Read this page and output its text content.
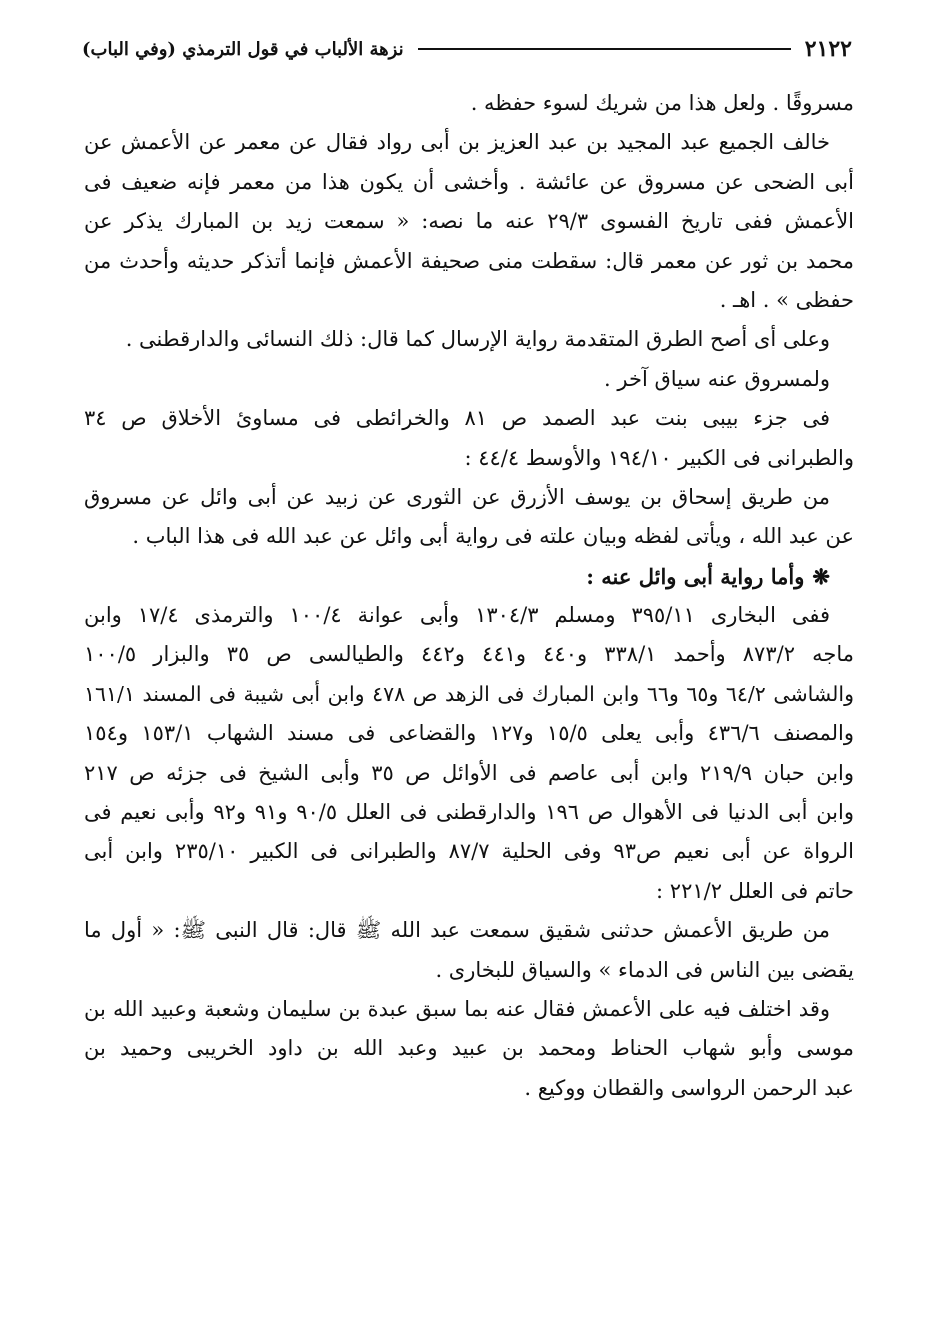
٢١٢٢
نزهة الألباب في قول الترمذي (وفي الباب)
مسروقًا . ولعل هذا من شريك لسوء حفظه .
خالف الجميع عبد المجيد بن عبد العزيز بن أبى رواد فقال عن معمر عن الأعمش عن
أبى الضحى عن مسروق عن عائشة . وأخشى أن يكون هذا من معمر فإنه ضعيف فى
الأعمش ففى تاريخ الفسوى ٢٩/٣ عنه ما نصه: « سمعت زيد بن المبارك يذكر عن
محمد بن ثور عن معمر قال: سقطت منى صحيفة الأعمش فإنما أتذكر حديثه وأحدث من
حفظى » . اهـ .
وعلى أى أصح الطرق المتقدمة رواية الإرسال كما قال: ذلك النسائى والدارقطنى .
ولمسروق عنه سياق آخر .
فى جزء بيبى بنت عبد الصمد ص ٨١ والخرائطى فى مساوئ الأخلاق ص ٣٤
والطبرانى فى الكبير ١٩٤/١٠ والأوسط ٤٤/٤ :
من طريق إسحاق بن يوسف الأزرق عن الثورى عن زبيد عن أبى وائل عن مسروق
عن عبد الله ، ويأتى لفظه وبيان علته فى رواية أبى وائل عن عبد الله فى هذا الباب .
❋وأما رواية أبى وائل عنه :
ففى البخارى ٣٩٥/١١ ومسلم ١٣٠٤/٣ وأبى عوانة ١٠٠/٤ والترمذى ١٧/٤ وابن
ماجه ٨٧٣/٢ وأحمد ٣٣٨/١ و٤٤٠ و٤٤١ و٤٤٢ والطيالسى ص ٣٥ والبزار ١٠٠/٥
والشاشى ٦٤/٢ و٦٥ و٦٦ وابن المبارك فى الزهد ص ٤٧٨ وابن أبى شيبة فى المسند ١٦١/١
والمصنف ٤٣٦/٦ وأبى يعلى ١٥/٥ و١٢٧ والقضاعى فى مسند الشهاب ١٥٣/١ و١٥٤
وابن حبان ٢١٩/٩ وابن أبى عاصم فى الأوائل ص ٣٥ وأبى الشيخ فى جزئه ص ٢١٧
وابن أبى الدنيا فى الأهوال ص ١٩٦ والدارقطنى فى العلل ٩٠/٥ و٩١ و٩٢ وأبى نعيم فى
الرواة عن أبى نعيم ص٩٣ وفى الحلية ٨٧/٧ والطبرانى فى الكبير ٢٣٥/١٠ وابن أبى
حاتم فى العلل ٢٢١/٢ :
من طريق الأعمش حدثنى شقيق سمعت عبد الله ﷺ قال: قال النبى ﷺ: « أول ما
يقضى بين الناس فى الدماء » والسياق للبخارى .
وقد اختلف فيه على الأعمش فقال عنه بما سبق عبدة بن سليمان وشعبة وعبيد الله بن
موسى وأبو شهاب الحناط ومحمد بن عبيد وعبد الله بن داود الخريبى وحميد بن
عبد الرحمن الرواسى والقطان ووكيع .
